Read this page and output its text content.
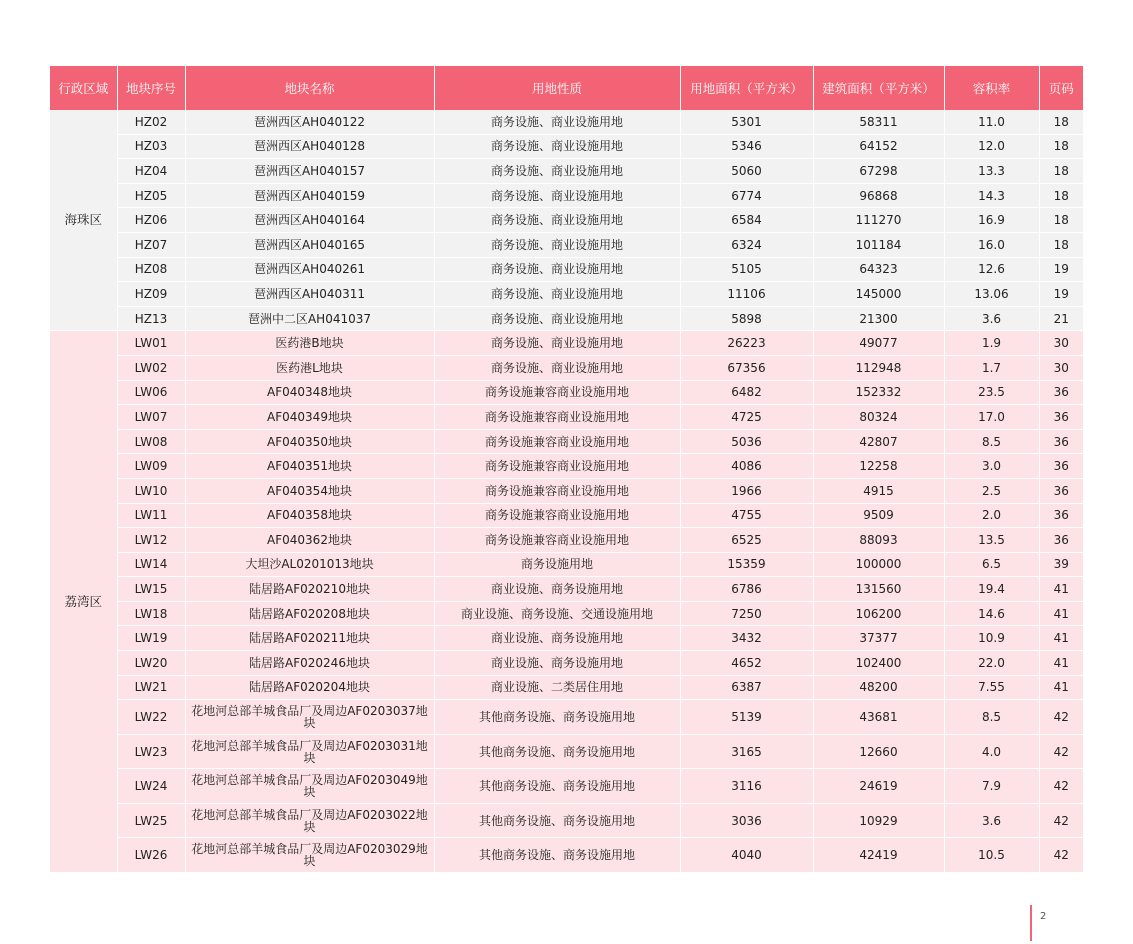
行政区域	地块序号	地块名称	用地性质	用地面积（平方米）	建筑面积（平方米）	容积率	页码
海珠区	HZ02	琶洲西区AH040122	商务设施、商业设施用地	5301	58311	11.0	18
	HZ03	琶洲西区AH040128	商务设施、商业设施用地	5346	64152	12.0	18
	HZ04	琶洲西区AH040157	商务设施、商业设施用地	5060	67298	13.3	18
	HZ05	琶洲西区AH040159	商务设施、商业设施用地	6774	96868	14.3	18
	HZ06	琶洲西区AH040164	商务设施、商业设施用地	6584	111270	16.9	18
	HZ07	琶洲西区AH040165	商务设施、商业设施用地	6324	101184	16.0	18
	HZ08	琶洲西区AH040261	商务设施、商业设施用地	5105	64323	12.6	19
	HZ09	琶洲西区AH040311	商务设施、商业设施用地	11106	145000	13.06	19
	HZ13	琶洲中二区AH041037	商务设施、商业设施用地	5898	21300	3.6	21
荔湾区	LW01	医药港B地块	商务设施、商业设施用地	26223	49077	1.9	30
	LW02	医药港L地块	商务设施、商业设施用地	67356	112948	1.7	30
	LW06	AF040348地块	商务设施兼容商业设施用地	6482	152332	23.5	36
	LW07	AF040349地块	商务设施兼容商业设施用地	4725	80324	17.0	36
	LW08	AF040350地块	商务设施兼容商业设施用地	5036	42807	8.5	36
	LW09	AF040351地块	商务设施兼容商业设施用地	4086	12258	3.0	36
	LW10	AF040354地块	商务设施兼容商业设施用地	1966	4915	2.5	36
	LW11	AF040358地块	商务设施兼容商业设施用地	4755	9509	2.0	36
	LW12	AF040362地块	商务设施兼容商业设施用地	6525	88093	13.5	36
	LW14	大坦沙AL0201013地块	商务设施用地	15359	100000	6.5	39
	LW15	陆居路AF020210地块	商业设施、商务设施用地	6786	131560	19.4	41
	LW18	陆居路AF020208地块	商业设施、商务设施、交通设施用地	7250	106200	14.6	41
	LW19	陆居路AF020211地块	商业设施、商务设施用地	3432	37377	10.9	41
	LW20	陆居路AF020246地块	商业设施、商务设施用地	4652	102400	22.0	41
	LW21	陆居路AF020204地块	商业设施、二类居住用地	6387	48200	7.55	41
	LW22	花地河总部羊城食品厂及周边AF0203037地块	其他商务设施、商务设施用地	5139	43681	8.5	42
	LW23	花地河总部羊城食品厂及周边AF0203031地块	其他商务设施、商务设施用地	3165	12660	4.0	42
	LW24	花地河总部羊城食品厂及周边AF0203049地块	其他商务设施、商务设施用地	3116	24619	7.9	42
	LW25	花地河总部羊城食品厂及周边AF0203022地块	其他商务设施、商务设施用地	3036	10929	3.6	42
	LW26	花地河总部羊城食品厂及周边AF0203029地块	其他商务设施、商务设施用地	4040	42419	10.5	42
2
